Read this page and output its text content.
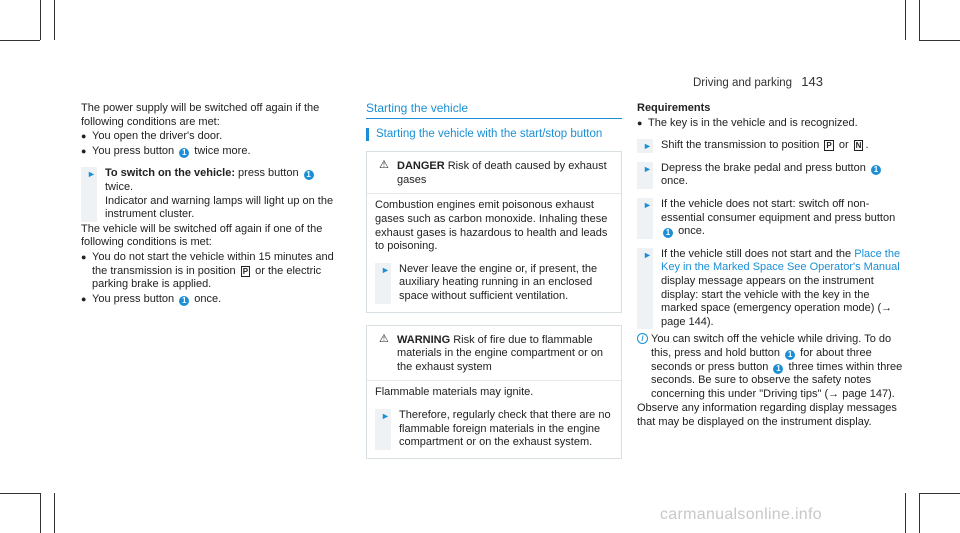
Driving and parking 143

The power supply will be switched off again if the following conditions are met:

● You open the driver's door.
● You press button 1 twice more.
► To switch on the vehicle: press button 1
twice.
Indicator and warning lamps will light up on the instrument cluster.

The vehicle will be switched off again if one of the following conditions is met:

● You do not start the vehicle within 15 minutes and the transmission is in position P or the electric parking brake is applied.
● You press button 1 once.
Starting the vehicle
Starting the vehicle with the start/stop button
⚠ DANGER Risk of death caused by exhaust gases

Combustion engines emit poisonous exhaust gases such as carbon monoxide. Inhaling these exhaust gases is hazardous to health and leads to poisoning.

► Never leave the engine or, if present, the auxiliary heating running in an enclosed space without sufficient ventilation.
⚠ WARNING Risk of fire due to flammable materials in the engine compartment or on the exhaust system

Flammable materials may ignite.

► Therefore, regularly check that there are no flammable foreign materials in the engine compartment or on the exhaust system.

Requirements

● The key is in the vehicle and is recognized.
► Shift the transmission to position P or N .
► Depress the brake pedal and press button 1 once.
► If the vehicle does not start: switch off non-essential consumer equipment and press button 1 once.
► If the vehicle still does not start and the Place the Key in the Marked Space See Operator's Manual display message appears on the instrument display: start the vehicle with the key in the marked space (emergency operation mode) (→ page 144).
i You can switch off the vehicle while driving. To do this, press and hold button 1 for about three seconds or press button 1 three times within three seconds. Be sure to observe the safety notes concerning this under "Driving tips" (→ page 147).

Observe any information regarding display messages that may be displayed on the instrument display.

carmanualsonline.info
